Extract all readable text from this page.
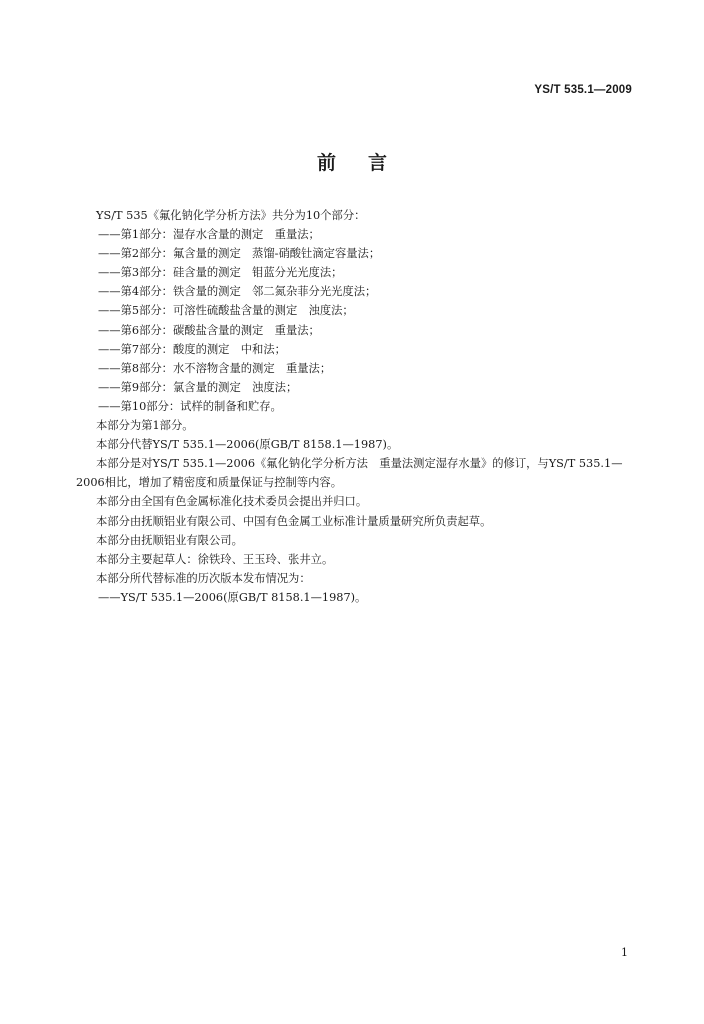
YS/T 535.1—2009
前言
YS/T 535《氟化钠化学分析方法》共分为10个部分：
——第1部分：湿存水含量的测定　重量法；
——第2部分：氟含量的测定　蒸馏-硝酸钍滴定容量法；
——第3部分：硅含量的测定　钼蓝分光光度法；
——第4部分：铁含量的测定　邻二氮杂菲分光光度法；
——第5部分：可溶性硫酸盐含量的测定　浊度法；
——第6部分：碳酸盐含量的测定　重量法；
——第7部分：酸度的测定　中和法；
——第8部分：水不溶物含量的测定　重量法；
——第9部分：氯含量的测定　浊度法；
——第10部分：试样的制备和贮存。
本部分为第1部分。
本部分代替YS/T 535.1—2006(原GB/T 8158.1—1987)。
本部分是对YS/T 535.1—2006《氟化钠化学分析方法　重量法测定湿存水量》的修订，与YS/T 535.1—2006相比，增加了精密度和质量保证与控制等内容。
本部分由全国有色金属标准化技术委员会提出并归口。
本部分由抚顺铝业有限公司、中国有色金属工业标准计量质量研究所负责起草。
本部分由抚顺铝业有限公司。
本部分主要起草人：徐铁玲、王玉玲、张井立。
本部分所代替标准的历次版本发布情况为：
——YS/T 535.1—2006(原GB/T 8158.1—1987)。
1
